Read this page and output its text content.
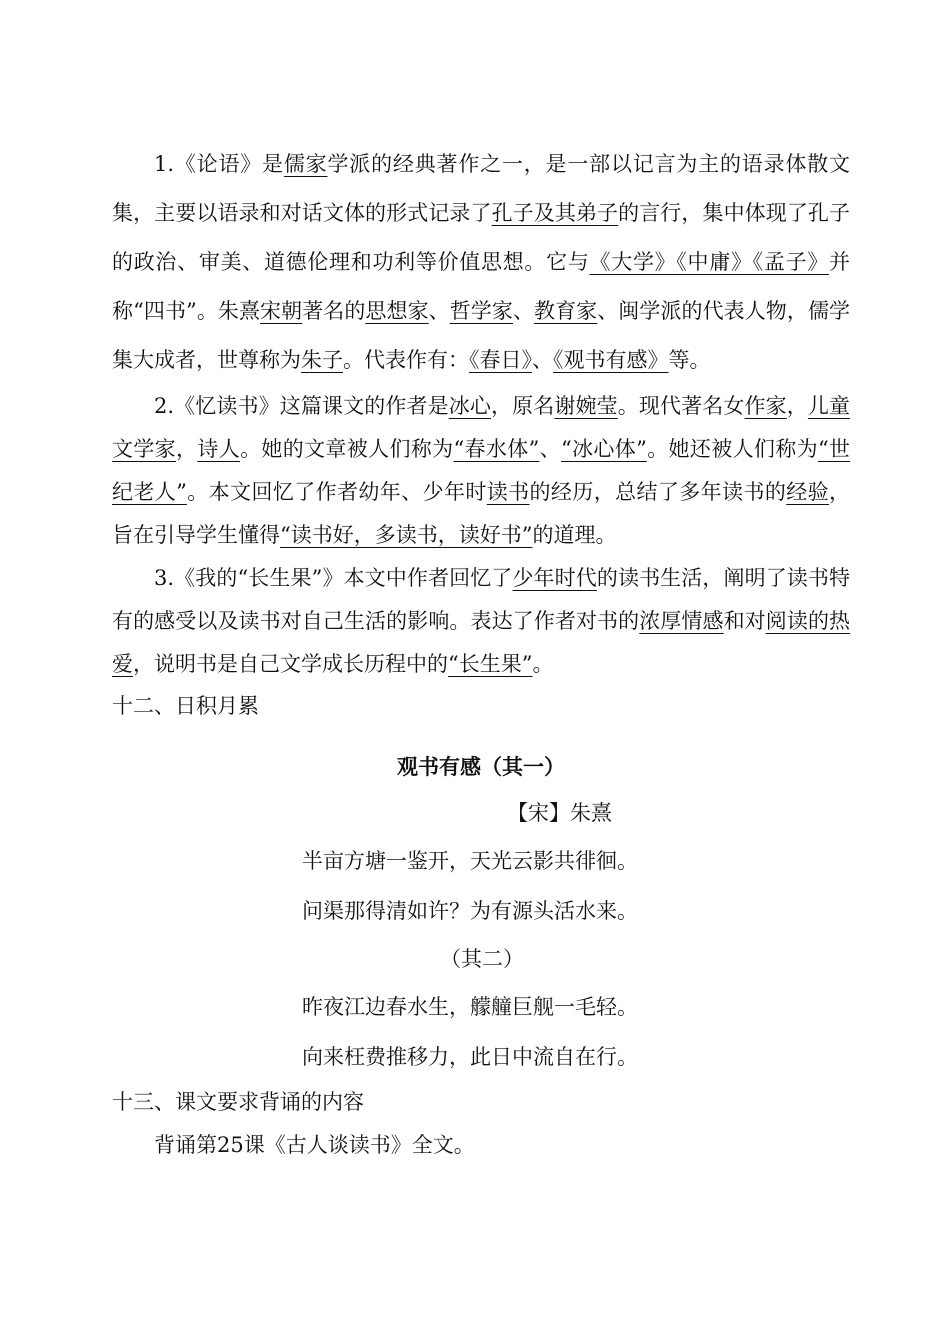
1.《论语》是儒家学派的经典著作之一，是一部以记言为主的语录体散文集，主要以语录和对话文体的形式记录了孔子及其弟子的言行，集中体现了孔子的政治、审美、道德伦理和功利等价值思想。它与《大学》《中庸》《孟子》并称“四书”。朱熹宋朝著名的思想家、哲学家、教育家、闽学派的代表人物，儒学集大成者，世尊称为朱子。代表作有：《春日》、《观书有感》等。

2.《忆读书》这篇课文的作者是冰心，原名谢婉莹。现代著名女作家，儿童文学家，诗人。她的文章被人们称为“春水体”、“冰心体”。她还被人们称为“世纪老人”。本文回忆了作者幼年、少年时读书的经历，总结了多年读书的经验，旨在引导学生懂得“读书好，多读书，读好书”的道理。

3.《我的“长生果”》本文中作者回忆了少年时代的读书生活，阐明了读书特有的感受以及读书对自己生活的影响。表达了作者对书的浓厚情感和对阅读的热爱，说明书是自己文学成长历程中的“长生果”。

十二、日积月累

观书有感（其一）

【宋】朱熹

半亩方塘一鉴开，天光云影共徘徊。

问渠那得清如许？为有源头活水来。

（其二）

昨夜江边春水生，艨艟巨舰一毛轻。

向来枉费推移力，此日中流自在行。

十三、课文要求背诵的内容

背诵第25课《古人谈读书》全文。
